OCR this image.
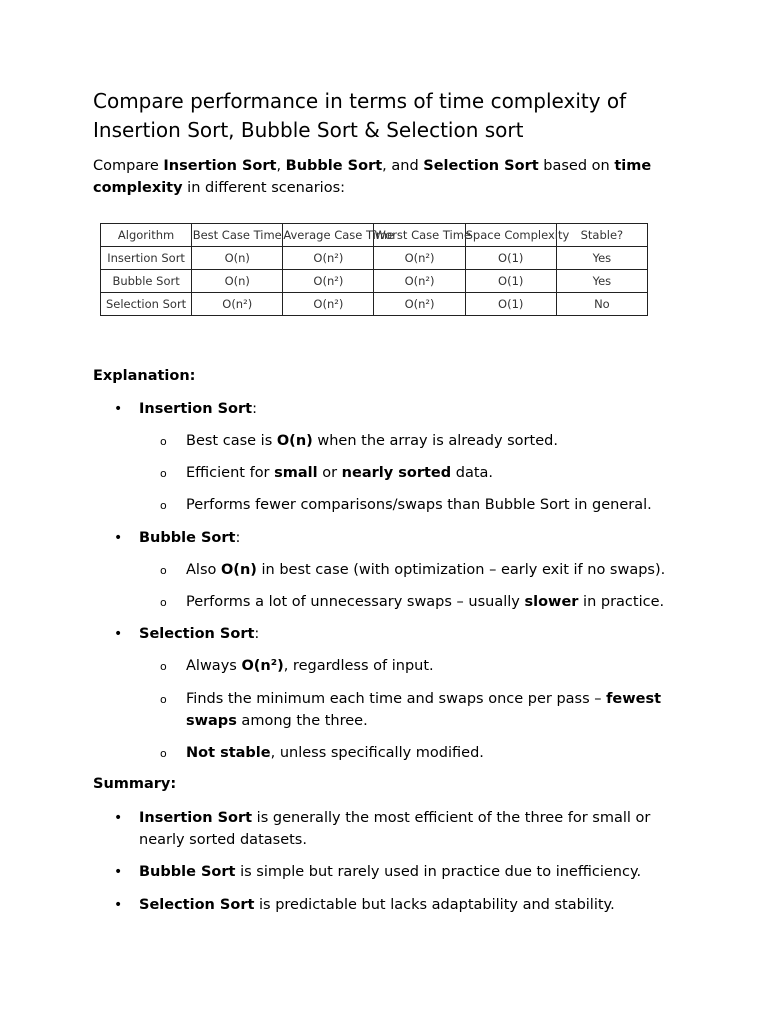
Compare performance in terms of time complexity of Insertion Sort, Bubble Sort & Selection sort

Compare Insertion Sort, Bubble Sort, and Selection Sort based on time complexity in different scenarios:

Algorithm	Best Case Time	Average Case Time	Worst Case Time	Space Complexity	Stable?
Insertion Sort	O(n)	O(n²)	O(n²)	O(1)	Yes
Bubble Sort	O(n)	O(n²)	O(n²)	O(1)	Yes
Selection Sort	O(n²)	O(n²)	O(n²)	O(1)	No

Explanation:

• Insertion Sort:
o Best case is O(n) when the array is already sorted.
o Efficient for small or nearly sorted data.
o Performs fewer comparisons/swaps than Bubble Sort in general.
• Bubble Sort:
o Also O(n) in best case (with optimization – early exit if no swaps).
o Performs a lot of unnecessary swaps – usually slower in practice.
• Selection Sort:
o Always O(n²), regardless of input.
o Finds the minimum each time and swaps once per pass – fewest swaps among the three.
o Not stable, unless specifically modified.

Summary:

• Insertion Sort is generally the most efficient of the three for small or nearly sorted datasets.
• Bubble Sort is simple but rarely used in practice due to inefficiency.
• Selection Sort is predictable but lacks adaptability and stability.
